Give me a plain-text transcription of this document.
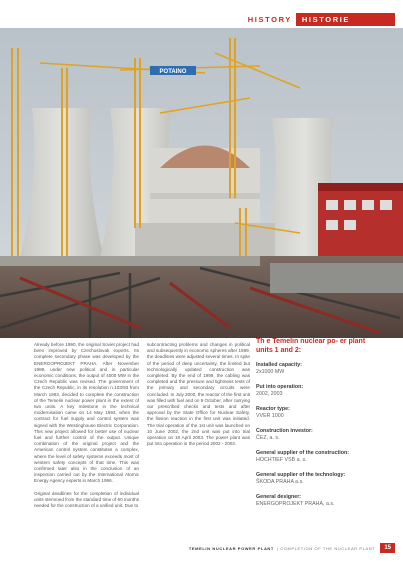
HISTORY	HISTORIE
POTAINO

Already before 1990, the original Soviet project had been improved by Czechoslovak experts. Its complete secondary phase was developed by the ENERGOPROJEKT PRAHA. After November 1989, under new political and in particular economic conditions, the output of 4000 MW in the Czech Republic was revised. The government of the Czech Republic, in its resolution n.103/93 from March 1993, decided to complete the construction of the Temelin nuclear power plant in the extent of two units. A key milestone in the technical modernisation came on 14 May 1993, when the contract for fuel supply and control system was signed with the Westinghouse Electric Corporation. This new project allowed for better use of nuclear fuel and further control of the output. Unique combination of the original project and the American control system constitutes a complex, where the level of safety systems exceeds most of western safety concepts of that time. This was confirmed later also in the conclusion of an inspection carried out by the International Atomic Energy Agency experts in March 1996.

Original deadlines for the completion of individual units stemmed from the standard time of 60 months needed for the construction of a unified unit. Due to

subcontracting problems and changes in political and subsequently in economic spheres after 1989, the deadlines were adjusted several times. In spite of the period of deep uncertainty, the limited but technologically updated construction was completed. By the end of 1999, the cabling was completed and the pressure and tightness tests of the primary and secondary circuits were concluded. In July 2000, the reactor of the first unit was filled with fuel and on 9 October, after carrying our prescribed checks and tests and after approval by the State Office for Nuclear Safety, the fission reaction in the first unit was initiated. The trial operation of the 1st unit was launched on 10 June 2002, the 2nd unit was put into trial operation on 18 April 2003. The power plant was put into operation in the period 2002 - 2003.

Th e Temelin nuclear po- er plant units 1 and 2:
Installed capacity:
2x1000 MW
Put into operation:
2002, 2003
Reactor type:
VVER 1000
Construction investor:
ČEZ, a. s.
General supplier of the construction:
HOCHTIEF VSB a. s.
General supplier of the technology:
ŠKODA PRAHA a.s.
General designer:
ENERGOPROJEKT PRAHA, a.s.
TEMELIN NUCLEAR POWER PLANT | COMPLETION OF THE NUCLEAR PLANT	15
